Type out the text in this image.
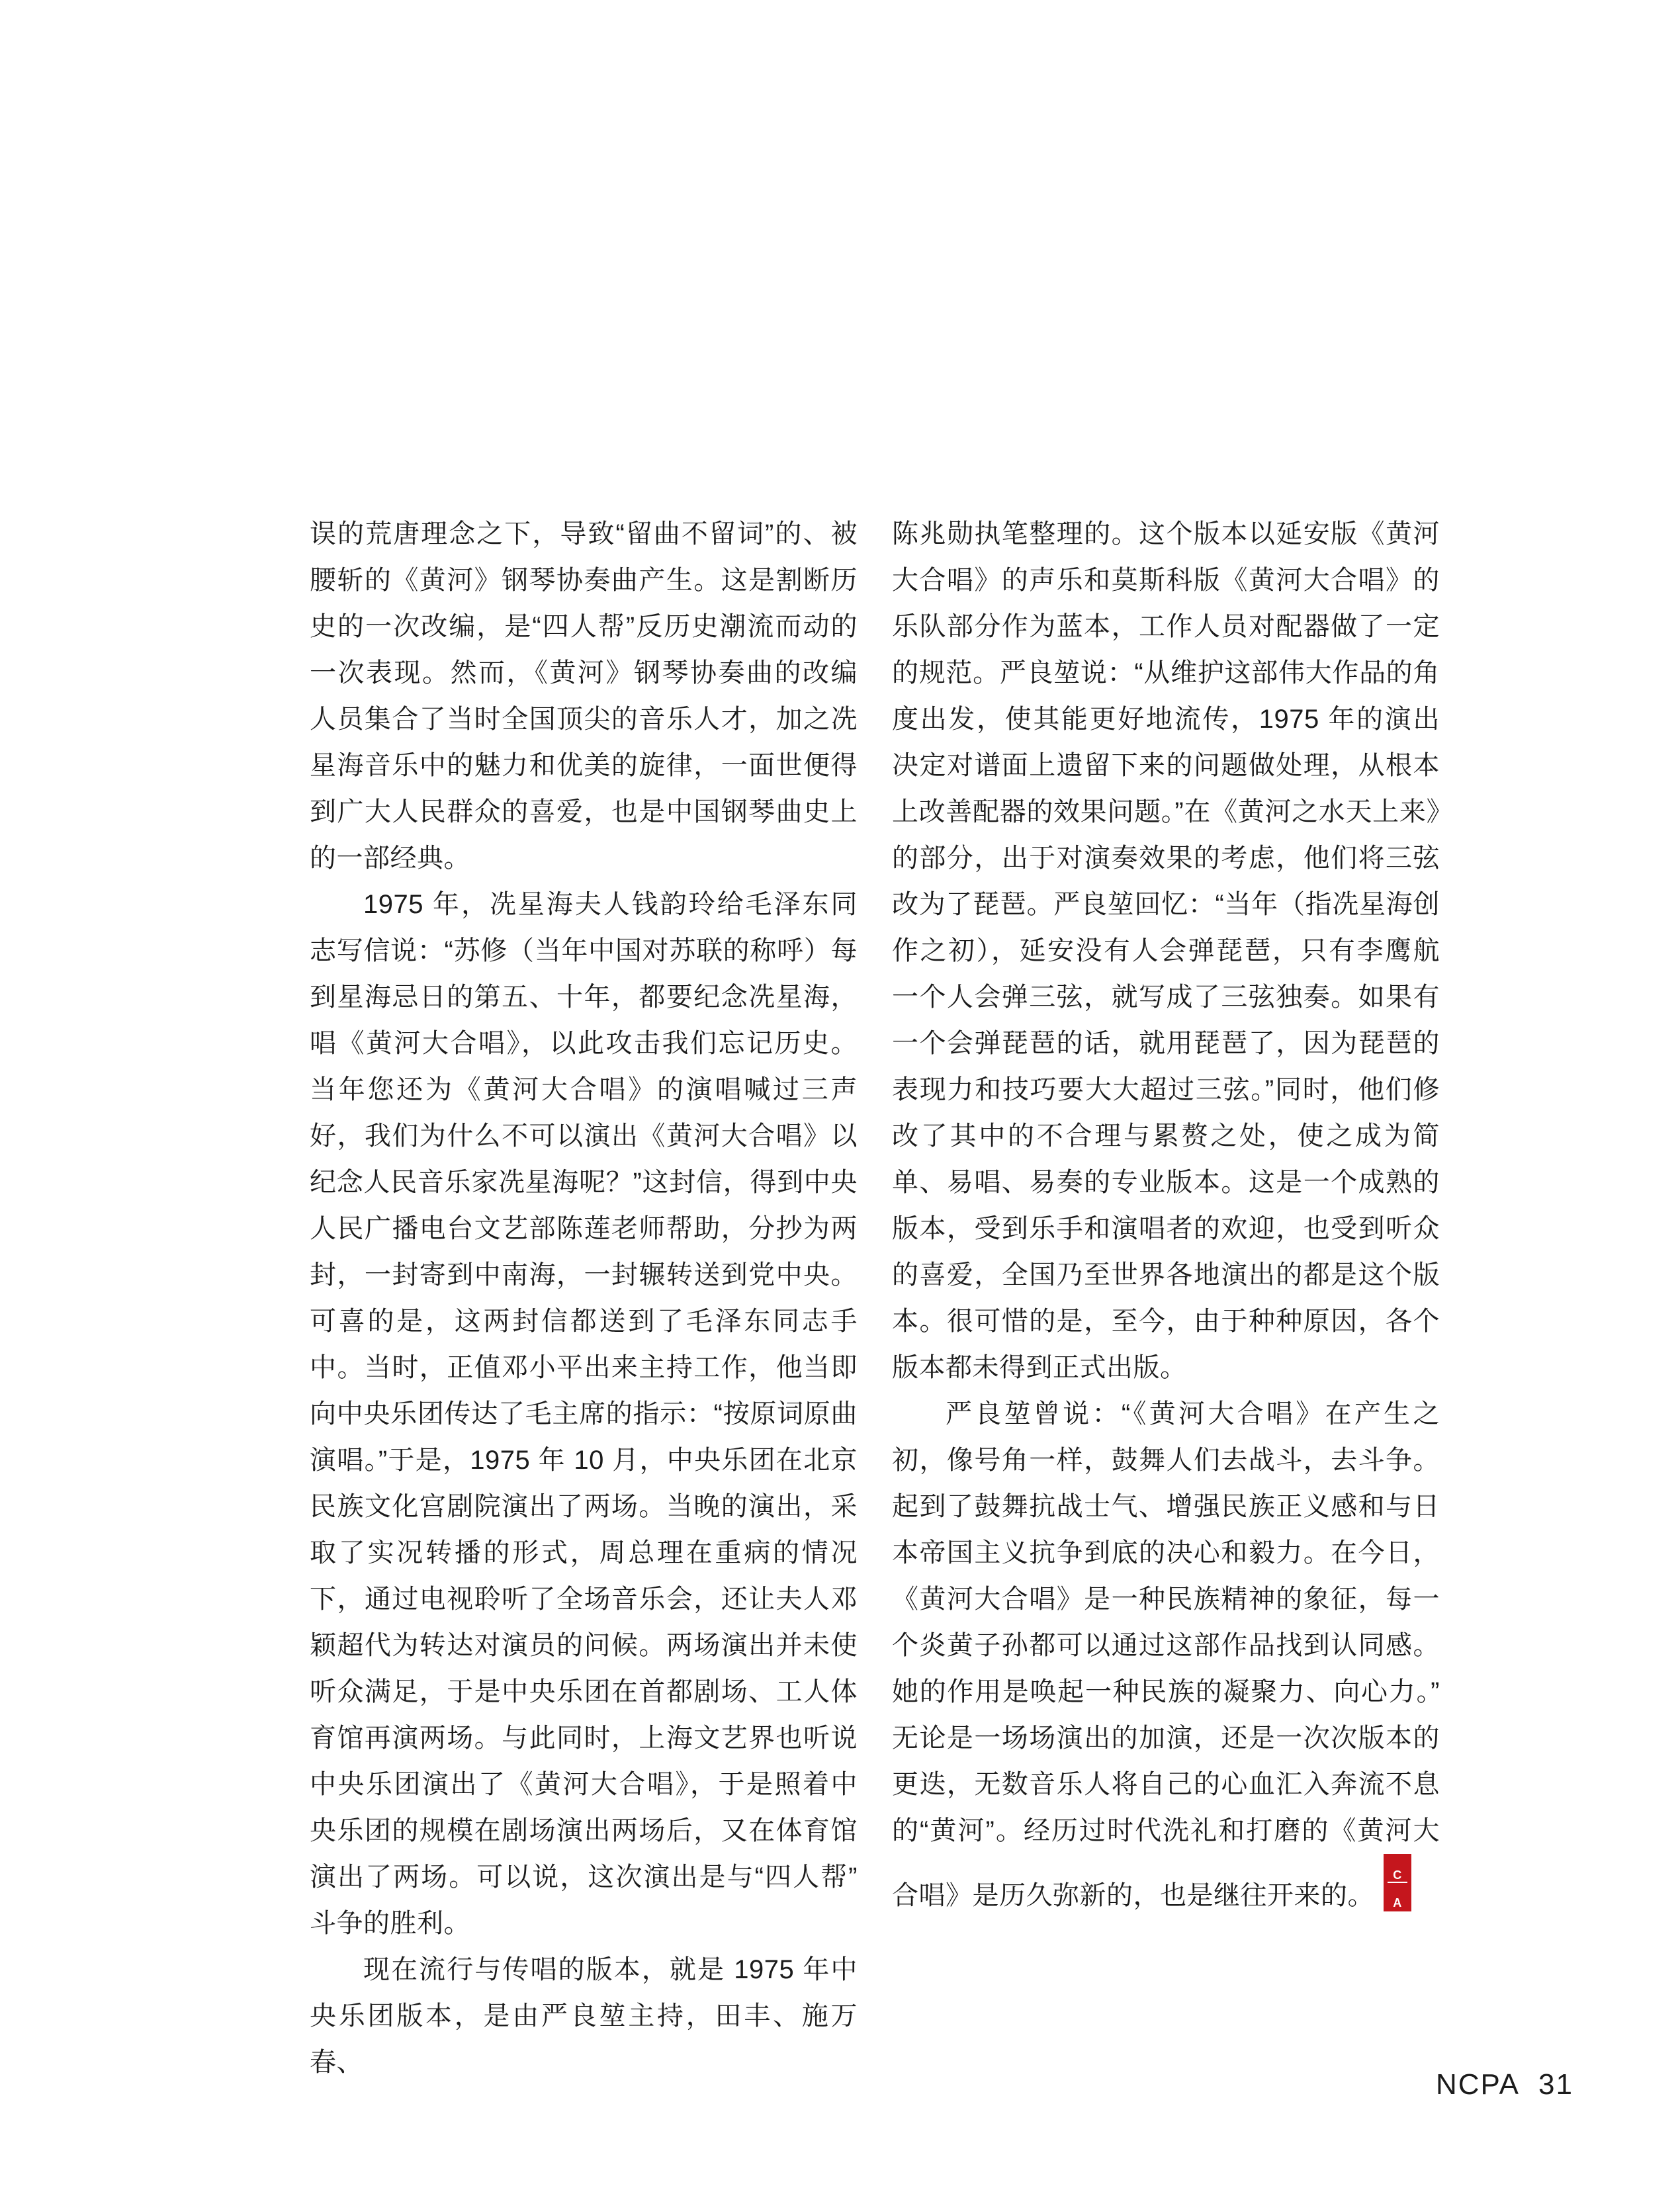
误的荒唐理念之下，导致“留曲不留词”的、被腰斩的《黄河》钢琴协奏曲产生。这是割断历史的一次改编，是“四人帮”反历史潮流而动的一次表现。然而，《黄河》钢琴协奏曲的改编人员集合了当时全国顶尖的音乐人才，加之冼星海音乐中的魅力和优美的旋律，一面世便得到广大人民群众的喜爱，也是中国钢琴曲史上的一部经典。

1975 年，冼星海夫人钱韵玲给毛泽东同志写信说：“苏修（当年中国对苏联的称呼）每到星海忌日的第五、十年，都要纪念冼星海，唱《黄河大合唱》，以此攻击我们忘记历史。当年您还为《黄河大合唱》的演唱喊过三声好，我们为什么不可以演出《黄河大合唱》以纪念人民音乐家冼星海呢？”这封信，得到中央人民广播电台文艺部陈莲老师帮助，分抄为两封，一封寄到中南海，一封辗转送到党中央。可喜的是，这两封信都送到了毛泽东同志手中。当时，正值邓小平出来主持工作，他当即向中央乐团传达了毛主席的指示：“按原词原曲演唱。”于是，1975 年 10 月，中央乐团在北京民族文化宫剧院演出了两场。当晚的演出，采取了实况转播的形式，周总理在重病的情况下，通过电视聆听了全场音乐会，还让夫人邓颖超代为转达对演员的问候。两场演出并未使听众满足，于是中央乐团在首都剧场、工人体育馆再演两场。与此同时，上海文艺界也听说中央乐团演出了《黄河大合唱》，于是照着中央乐团的规模在剧场演出两场后，又在体育馆演出了两场。可以说，这次演出是与“四人帮”斗争的胜利。

现在流行与传唱的版本，就是 1975 年中央乐团版本，是由严良堃主持，田丰、施万春、

陈兆勋执笔整理的。这个版本以延安版《黄河大合唱》的声乐和莫斯科版《黄河大合唱》的乐队部分作为蓝本，工作人员对配器做了一定的规范。严良堃说：“从维护这部伟大作品的角度出发，使其能更好地流传，1975 年的演出决定对谱面上遗留下来的问题做处理，从根本上改善配器的效果问题。”在《黄河之水天上来》的部分，出于对演奏效果的考虑，他们将三弦改为了琵琶。严良堃回忆：“当年（指冼星海创作之初），延安没有人会弹琵琶，只有李鹰航一个人会弹三弦，就写成了三弦独奏。如果有一个会弹琵琶的话，就用琵琶了，因为琵琶的表现力和技巧要大大超过三弦。”同时，他们修改了其中的不合理与累赘之处，使之成为简单、易唱、易奏的专业版本。这是一个成熟的版本，受到乐手和演唱者的欢迎，也受到听众的喜爱，全国乃至世界各地演出的都是这个版本。很可惜的是，至今，由于种种原因，各个版本都未得到正式出版。

严良堃曾说：“《黄河大合唱》在产生之初，像号角一样，鼓舞人们去战斗，去斗争。起到了鼓舞抗战士气、增强民族正义感和与日本帝国主义抗争到底的决心和毅力。在今日，《黄河大合唱》是一种民族精神的象征，每一个炎黄子孙都可以通过这部作品找到认同感。她的作用是唤起一种民族的凝聚力、向心力。”无论是一场场演出的加演，还是一次次版本的更迭，无数音乐人将自己的心血汇入奔流不息的“黄河”。经历过时代洗礼和打磨的《黄河大合唱》是历久弥新的，也是继往开来的。 $\frac{NC}{PA}$

NCPA 31
